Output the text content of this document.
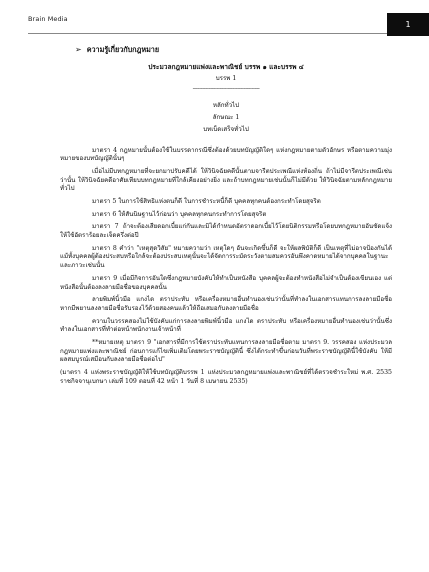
Brain Media
1
➢ ความรู้เกี่ยวกับกฎหมาย
ประมวลกฎหมายแพ่งและพาณิชย์ บรรพ ๑ และบรรพ ๔
บรรพ 1
------------------------------------------
หลักทั่วไป
ลักษณะ 1
บทเบ็ดเสร็จทั่วไป

มาตรา 4 กฎหมายนั้นต้องใช้ในบรรดากรณีซึ่งต้องด้วยบทบัญญัติใดๆ แห่งกฎหมายตามตัวอักษร หรือตามความมุ่งหมายของบทบัญญัตินั้นๆ

เมื่อไม่มีบทกฎหมายที่จะยกมาปรับคดีได้ ให้วินิจฉัยคดีนั้นตามจารีตประเพณีแห่งท้องถิ่น ถ้าไม่มีจารีตประเพณีเช่นว่านั้น ให้วินิจฉัยคดีอาศัยเทียบบทกฎหมายที่ใกล้เคียงอย่างยิ่ง และถ้าบทกฎหมายเช่นนั้นก็ไม่มีด้วย ให้วินิจฉัยตามหลักกฎหมายทั่วไป

มาตรา 5 ในการใช้สิทธิแห่งตนก็ดี ในการชำระหนี้ก็ดี บุคคลทุกคนต้องกระทำโดยสุจริต

มาตรา 6 ให้สันนิษฐานไว้ก่อนว่า บุคคลทุกคนกระทำการโดยสุจริต

มาตรา 7 ถ้าจะต้องเสียดอกเบี้ยแก่กันและมิได้กำหนดอัตราดอกเบี้ยไว้โดยนิติกรรมหรือโดยบทกฎหมายอันชัดแจ้ง ให้ใช้อัตราร้อยละเจ็ดครึ่งต่อปี

มาตรา 8 คำว่า "เหตุสุดวิสัย" หมายความว่า เหตุใดๆ อันจะเกิดขึ้นก็ดี จะให้ผลพิบัติก็ดี เป็นเหตุที่ไม่อาจป้องกันได้ แม้ทั้งบุคคลผู้ต้องประสบหรือใกล้จะต้องประสบเหตุนั้นจะได้จัดการระมัดระวังตามสมควรอันพึงคาดหมายได้จากบุคคลในฐานะและภาวะเช่นนั้น

มาตรา 9 เมื่อมีกิจการอันใดซึ่งกฎหมายบังคับให้ทำเป็นหนังสือ บุคคลผู้จะต้องทำหนังสือไม่จำเป็นต้องเขียนเอง แต่หนังสือนั้นต้องลงลายมือชื่อของบุคคลนั้น

ลายพิมพ์นิ้วมือ แกงได ตราประทับ หรือเครื่องหมายอื่นทำนองเช่นว่านั้นที่ทำลงในเอกสารแทนการลงลายมือชื่อ หากมีพยานลงลายมือชื่อรับรองไว้ด้วยสองคนแล้วให้ถือเสมอกับลงลายมือชื่อ

ความในวรรคสองไม่ใช้บังคับแก่การลงลายพิมพ์นิ้วมือ แกงได ตราประทับ หรือเครื่องหมายอื่นทำนองเช่นว่านั้นซึ่งทำลงในเอกสารที่ทำต่อหน้าพนักงานเจ้าหน้าที่

**หมายเหตุ มาตรา 9 "เอกสารที่มีการใช้ตราประทับแทนการลงลายมือชื่อตาม มาตรา 9. วรรคสอง แห่งประมวลกฎหมายแพ่งและพาณิชย์ ก่อนการแก้ไขเพิ่มเติมโดยพระราชบัญญัตินี้ ซึ่งได้กระทำขึ้นก่อนวันที่พระราชบัญญัตินี้ใช้บังคับ ให้มีผลสมบูรณ์เสมือนกับลงลายมือชื่อต่อไป"

(มาตรา 4 แห่งพระราชบัญญัติให้ใช้บทบัญญัติบรรพ 1 แห่งประมวลกฎหมายแพ่งและพาณิชย์ที่ได้ตรวจชำระใหม่ พ.ศ. 2535 ราชกิจจานุเบกษา เล่มที่ 109 ตอนที่ 42 หน้า 1 วันที่ 8 เมษายน 2535)
